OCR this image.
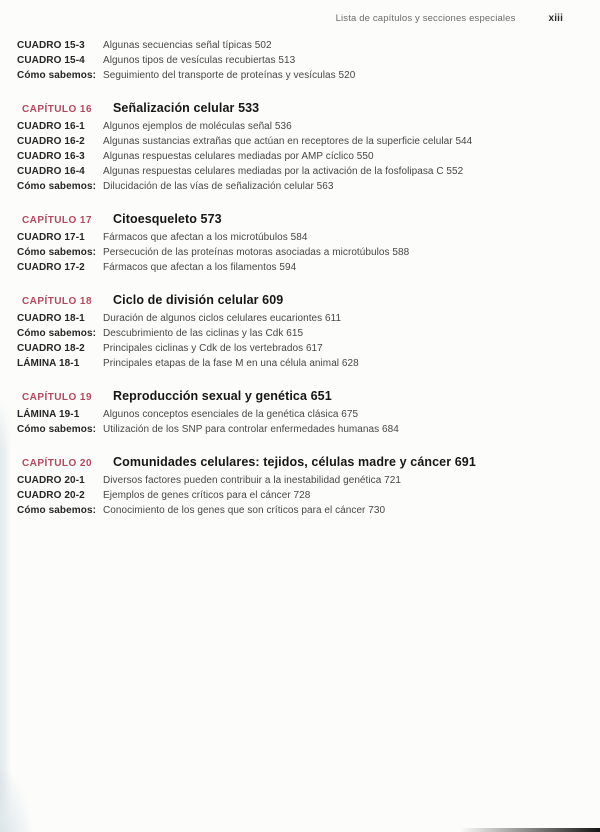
Lista de capítulos y secciones especiales	xiii
CUADRO 15-3	Algunas secuencias señal típicas 502
CUADRO 15-4	Algunos tipos de vesículas recubiertas 513
Cómo sabemos: Seguimiento del transporte de proteínas y vesículas 520
CAPÍTULO 16	Señalización celular 533
CUADRO 16-1	Algunos ejemplos de moléculas señal 536
CUADRO 16-2	Algunas sustancias extrañas que actúan en receptores de la superficie celular 544
CUADRO 16-3	Algunas respuestas celulares mediadas por AMP cíclico 550
CUADRO 16-4	Algunas respuestas celulares mediadas por la activación de la fosfolipasa C 552
Cómo sabemos: Dilucidación de las vías de señalización celular 563
CAPÍTULO 17	Citoesqueleto 573
CUADRO 17-1	Fármacos que afectan a los microtúbulos 584
Cómo sabemos: Persecución de las proteínas motoras asociadas a microtúbulos 588
CUADRO 17-2	Fármacos que afectan a los filamentos 594
CAPÍTULO 18	Ciclo de división celular 609
CUADRO 18-1	Duración de algunos ciclos celulares eucariontes 611
Cómo sabemos: Descubrimiento de las ciclinas y las Cdk 615
CUADRO 18-2	Principales ciclinas y Cdk de los vertebrados 617
LÁMINA 18-1	Principales etapas de la fase M en una célula animal 628
CAPÍTULO 19	Reproducción sexual y genética 651
LÁMINA 19-1	Algunos conceptos esenciales de la genética clásica 675
Cómo sabemos: Utilización de los SNP para controlar enfermedades humanas 684
CAPÍTULO 20	Comunidades celulares: tejidos, células madre y cáncer 691
CUADRO 20-1	Diversos factores pueden contribuir a la inestabilidad genética 721
CUADRO 20-2	Ejemplos de genes críticos para el cáncer 728
Cómo sabemos: Conocimiento de los genes que son críticos para el cáncer 730
